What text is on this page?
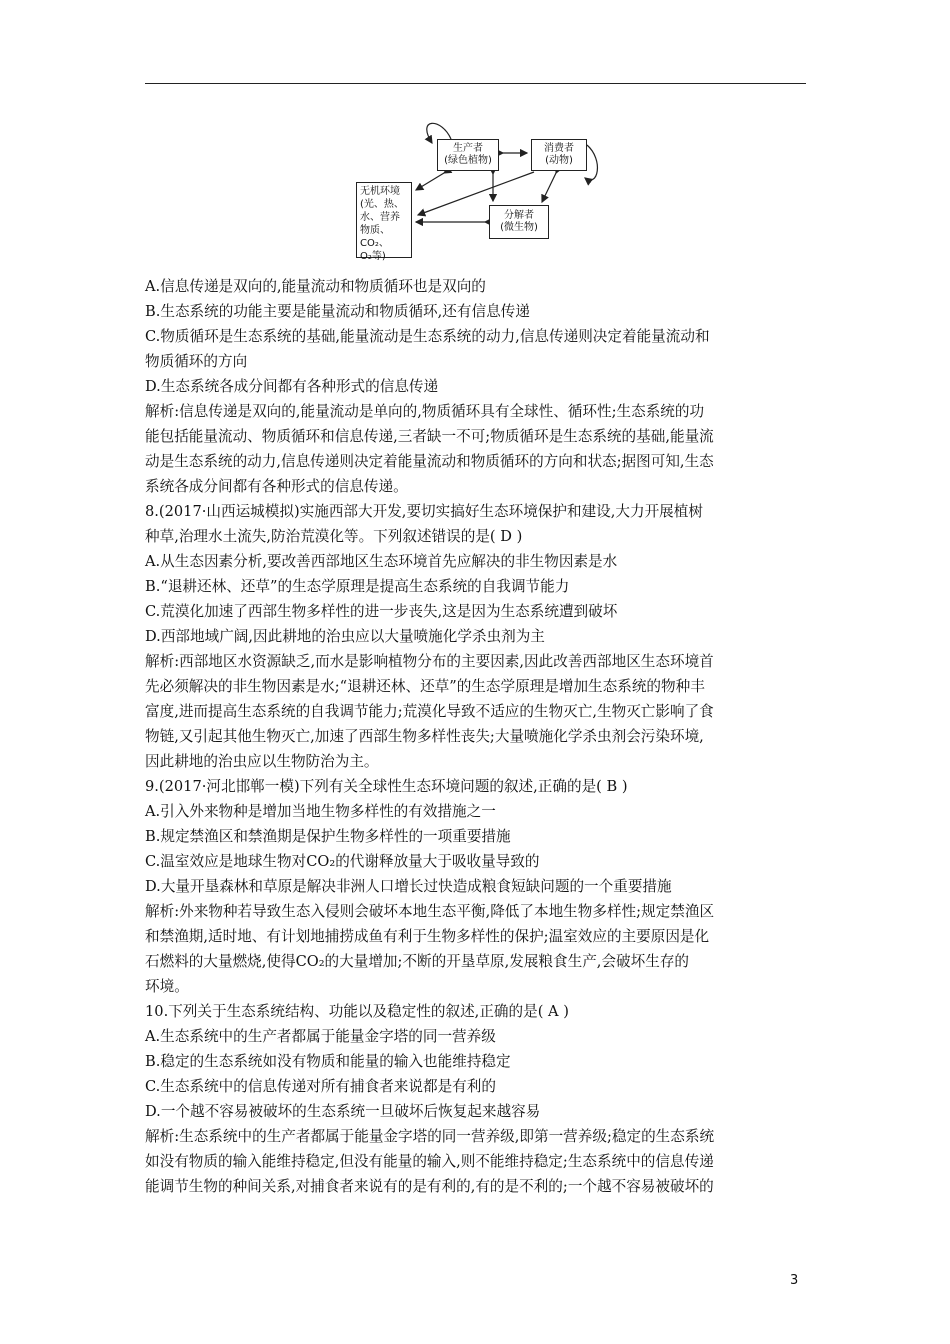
生产者
(绿色植物)
消费者
(动物)
无机环境
(光、热、
水、营养
物质、CO₂、
O₂等)
分解者
(微生物)
A.信息传递是双向的,能量流动和物质循环也是双向的
B.生态系统的功能主要是能量流动和物质循环,还有信息传递
C.物质循环是生态系统的基础,能量流动是生态系统的动力,信息传递则决定着能量流动和
物质循环的方向
D.生态系统各成分间都有各种形式的信息传递
解析:信息传递是双向的,能量流动是单向的,物质循环具有全球性、循环性;生态系统的功
能包括能量流动、物质循环和信息传递,三者缺一不可;物质循环是生态系统的基础,能量流
动是生态系统的动力,信息传递则决定着能量流动和物质循环的方向和状态;据图可知,生态
系统各成分间都有各种形式的信息传递。
8.(2017·山西运城模拟)实施西部大开发,要切实搞好生态环境保护和建设,大力开展植树
种草,治理水土流失,防治荒漠化等。下列叙述错误的是( D )
A.从生态因素分析,要改善西部地区生态环境首先应解决的非生物因素是水
B.“退耕还林、还草”的生态学原理是提高生态系统的自我调节能力
C.荒漠化加速了西部生物多样性的进一步丧失,这是因为生态系统遭到破坏
D.西部地域广阔,因此耕地的治虫应以大量喷施化学杀虫剂为主
解析:西部地区水资源缺乏,而水是影响植物分布的主要因素,因此改善西部地区生态环境首
先必须解决的非生物因素是水;“退耕还林、还草”的生态学原理是增加生态系统的物种丰
富度,进而提高生态系统的自我调节能力;荒漠化导致不适应的生物灭亡,生物灭亡影响了食
物链,又引起其他生物灭亡,加速了西部生物多样性丧失;大量喷施化学杀虫剂会污染环境,
因此耕地的治虫应以生物防治为主。
9.(2017·河北邯郸一模)下列有关全球性生态环境问题的叙述,正确的是( B )
A.引入外来物种是增加当地生物多样性的有效措施之一
B.规定禁渔区和禁渔期是保护生物多样性的一项重要措施
C.温室效应是地球生物对CO₂的代谢释放量大于吸收量导致的
D.大量开垦森林和草原是解决非洲人口增长过快造成粮食短缺问题的一个重要措施
解析:外来物种若导致生态入侵则会破坏本地生态平衡,降低了本地生物多样性;规定禁渔区
和禁渔期,适时地、有计划地捕捞成鱼有利于生物多样性的保护;温室效应的主要原因是化
石燃料的大量燃烧,使得CO₂的大量增加;不断的开垦草原,发展粮食生产,会破坏生存的
环境。
10.下列关于生态系统结构、功能以及稳定性的叙述,正确的是( A )
A.生态系统中的生产者都属于能量金字塔的同一营养级
B.稳定的生态系统如没有物质和能量的输入也能维持稳定
C.生态系统中的信息传递对所有捕食者来说都是有利的
D.一个越不容易被破坏的生态系统一旦破坏后恢复起来越容易
解析:生态系统中的生产者都属于能量金字塔的同一营养级,即第一营养级;稳定的生态系统
如没有物质的输入能维持稳定,但没有能量的输入,则不能维持稳定;生态系统中的信息传递
能调节生物的种间关系,对捕食者来说有的是有利的,有的是不利的;一个越不容易被破坏的
3
